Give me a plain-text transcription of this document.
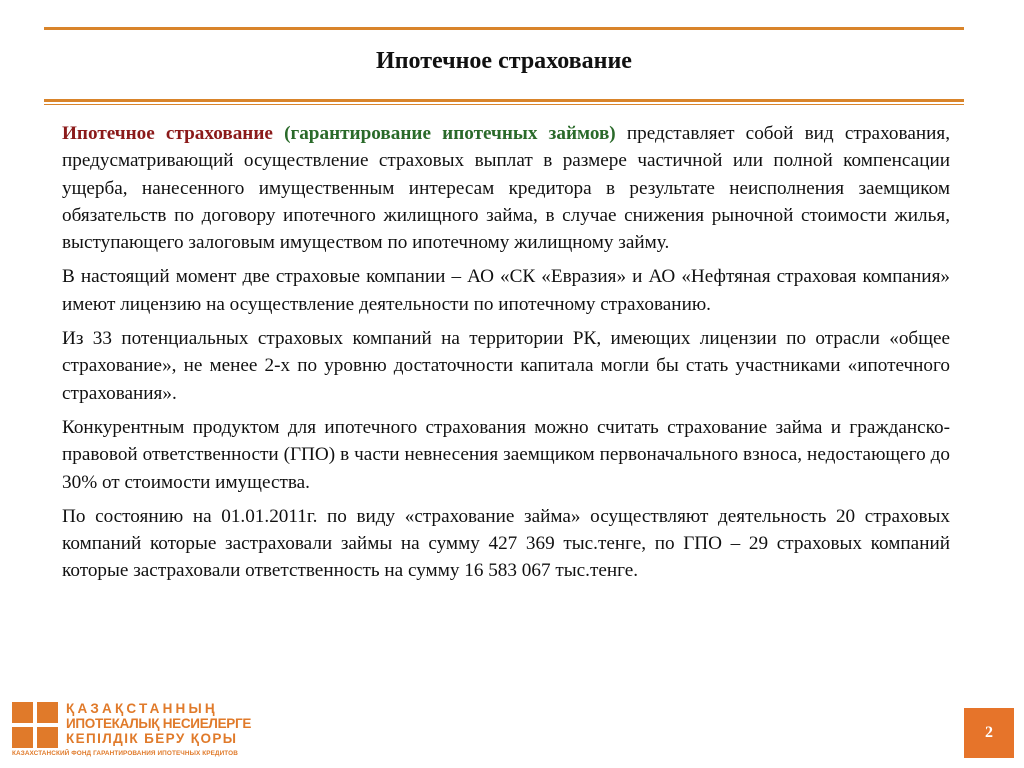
Ипотечное страхование

Ипотечное страхование (гарантирование ипотечных займов) представляет собой вид страхования, предусматривающий осуществление страховых выплат в размере частичной или полной компенсации ущерба, нанесенного имущественным интересам кредитора в результате неисполнения заемщиком обязательств по договору ипотечного жилищного займа, в случае снижения рыночной стоимости жилья, выступающего залоговым имуществом по ипотечному жилищному займу.

В настоящий момент две страховые компании – АО «СК «Евразия» и АО «Нефтяная страховая компания» имеют лицензию на осуществление деятельности по ипотечному страхованию.

Из 33 потенциальных страховых компаний на территории РК, имеющих лицензии по отрасли «общее страхование», не менее 2-х по уровню достаточности капитала могли бы стать участниками «ипотечного страхования».

Конкурентным продуктом для ипотечного страхования можно считать страхование займа и гражданско-правовой ответственности (ГПО) в части невнесения заемщиком первоначального взноса, недостающего до 30% от стоимости имущества.

По состоянию на 01.01.2011г. по виду «страхование займа» осуществляют деятельность 20 страховых компаний которые застраховали займы на сумму 427 369 тыс.тенге, по ГПО – 29 страховых компаний которые застраховали ответственность на сумму 16 583 067 тыс.тенге.

ҚАЗАҚСТАННЫҢ
ИПОТЕКАЛЫҚ НЕСИЕЛЕРГЕ
КЕПІЛДІК БЕРУ ҚОРЫ
КАЗАХСТАНСКИЙ ФОНД ГАРАНТИРОВАНИЯ ИПОТЕЧНЫХ КРЕДИТОВ
2
